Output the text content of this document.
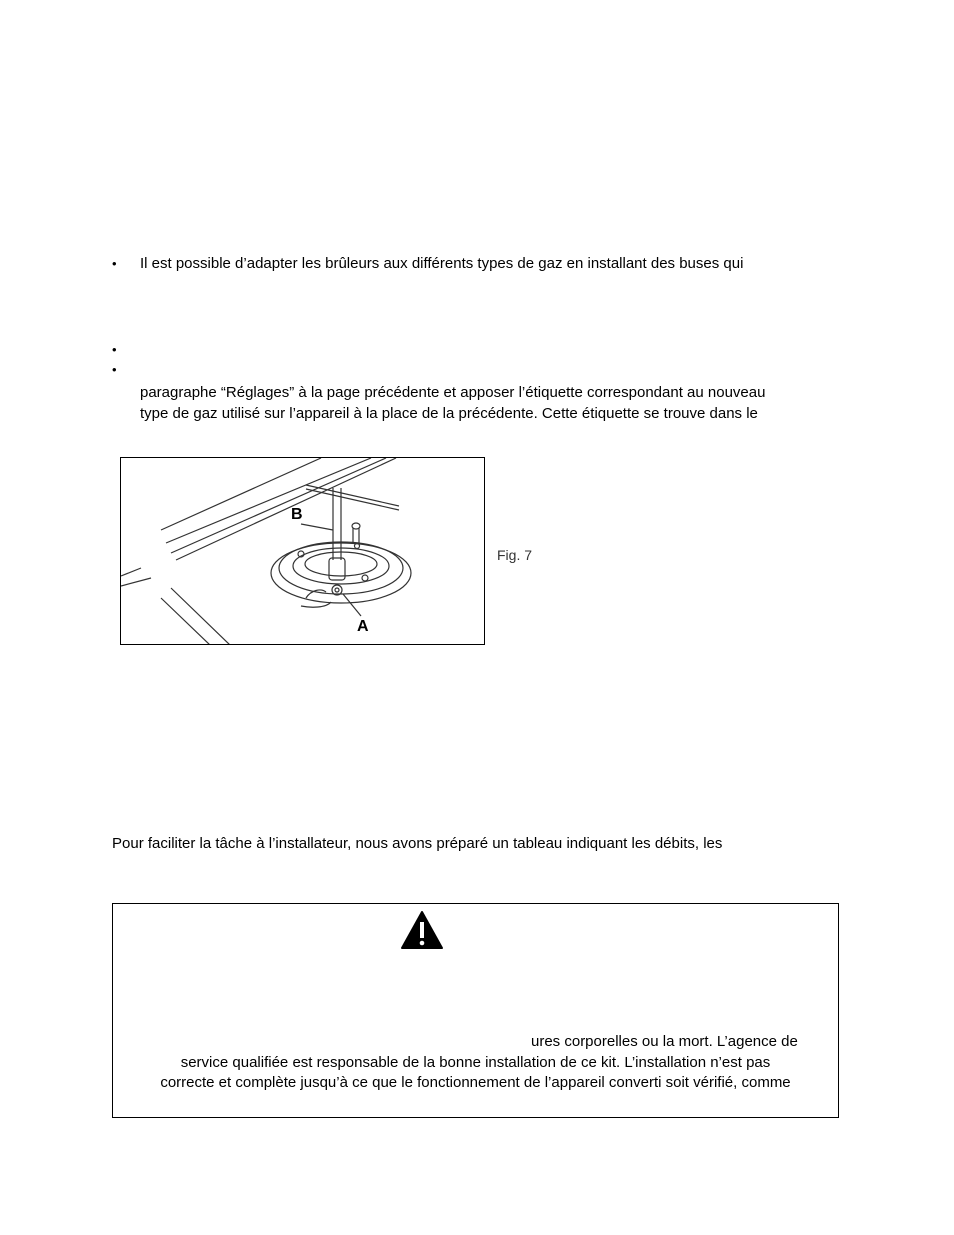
• Il est possible d’adapter les brûleurs aux différents types de gaz en installant des buses qui
•
•
paragraphe “Réglages” à la page précédente et apposer l’étiquette correspondant au nouveau
type de gaz utilisé sur l’appareil à la place de la précédente. Cette étiquette se trouve dans le
B
A
Fig. 7
Pour faciliter la tâche à l’installateur, nous avons préparé un tableau indiquant les débits, les
ures corporelles ou la mort. L’agence de
service qualifiée est responsable de la bonne installation de ce kit. L’installation n’est pas
correcte et complète jusqu’à ce que le fonctionnement de l’appareil converti soit vérifié, comme
